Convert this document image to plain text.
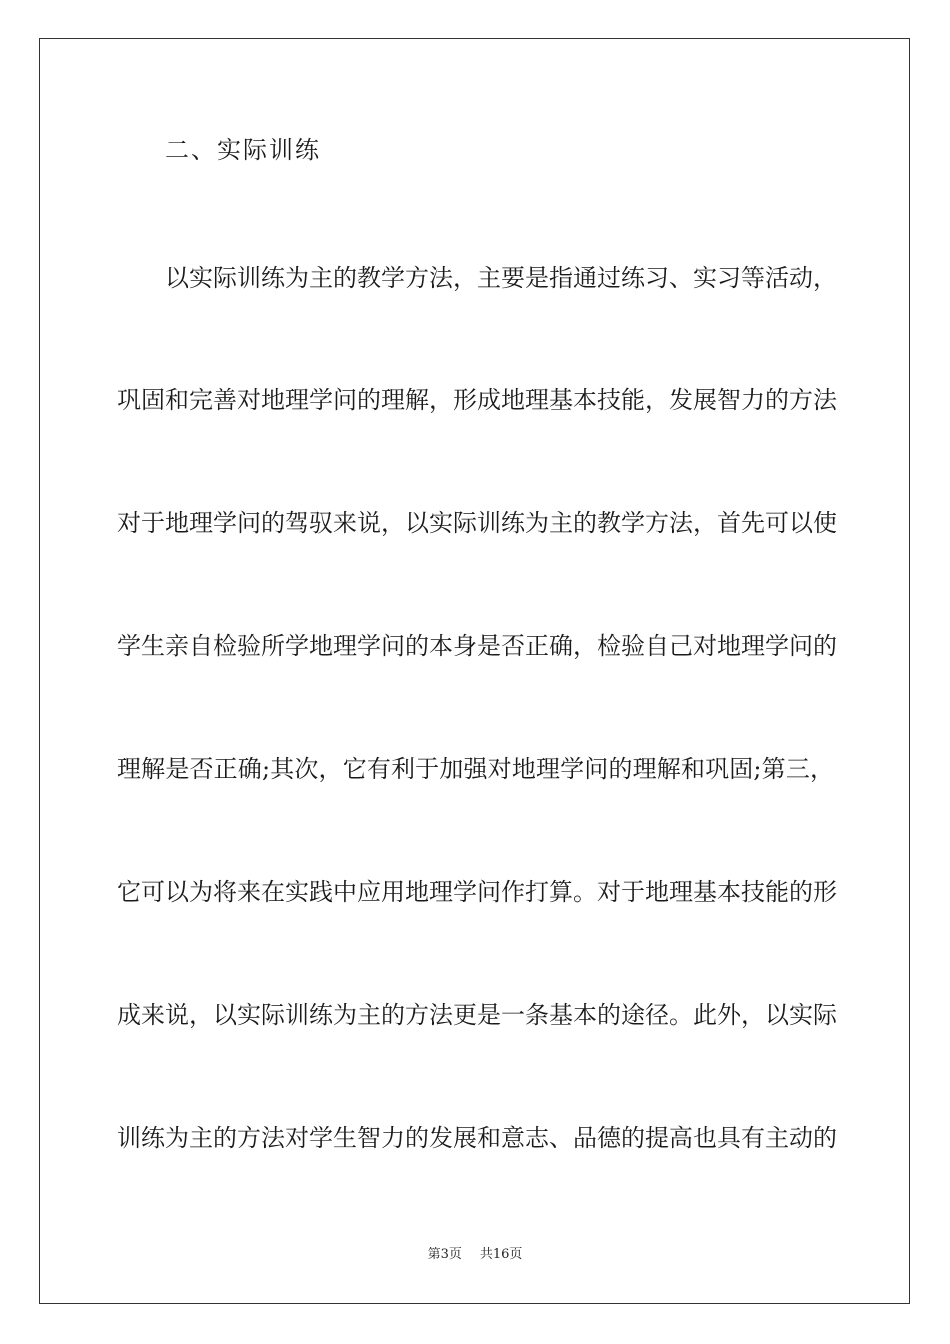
二、实际训练

以实际训练为主的教学方法，主要是指通过练习、实习等活动，

巩固和完善对地理学问的理解，形成地理基本技能，发展智力的方法

对于地理学问的驾驭来说，以实际训练为主的教学方法，首先可以使

学生亲自检验所学地理学问的本身是否正确，检验自己对地理学问的

理解是否正确;其次，它有利于加强对地理学问的理解和巩固;第三，

它可以为将来在实践中应用地理学问作打算。对于地理基本技能的形

成来说，以实际训练为主的方法更是一条基本的途径。此外，以实际

训练为主的方法对学生智力的发展和意志、品德的提高也具有主动的

第3页 共16页
